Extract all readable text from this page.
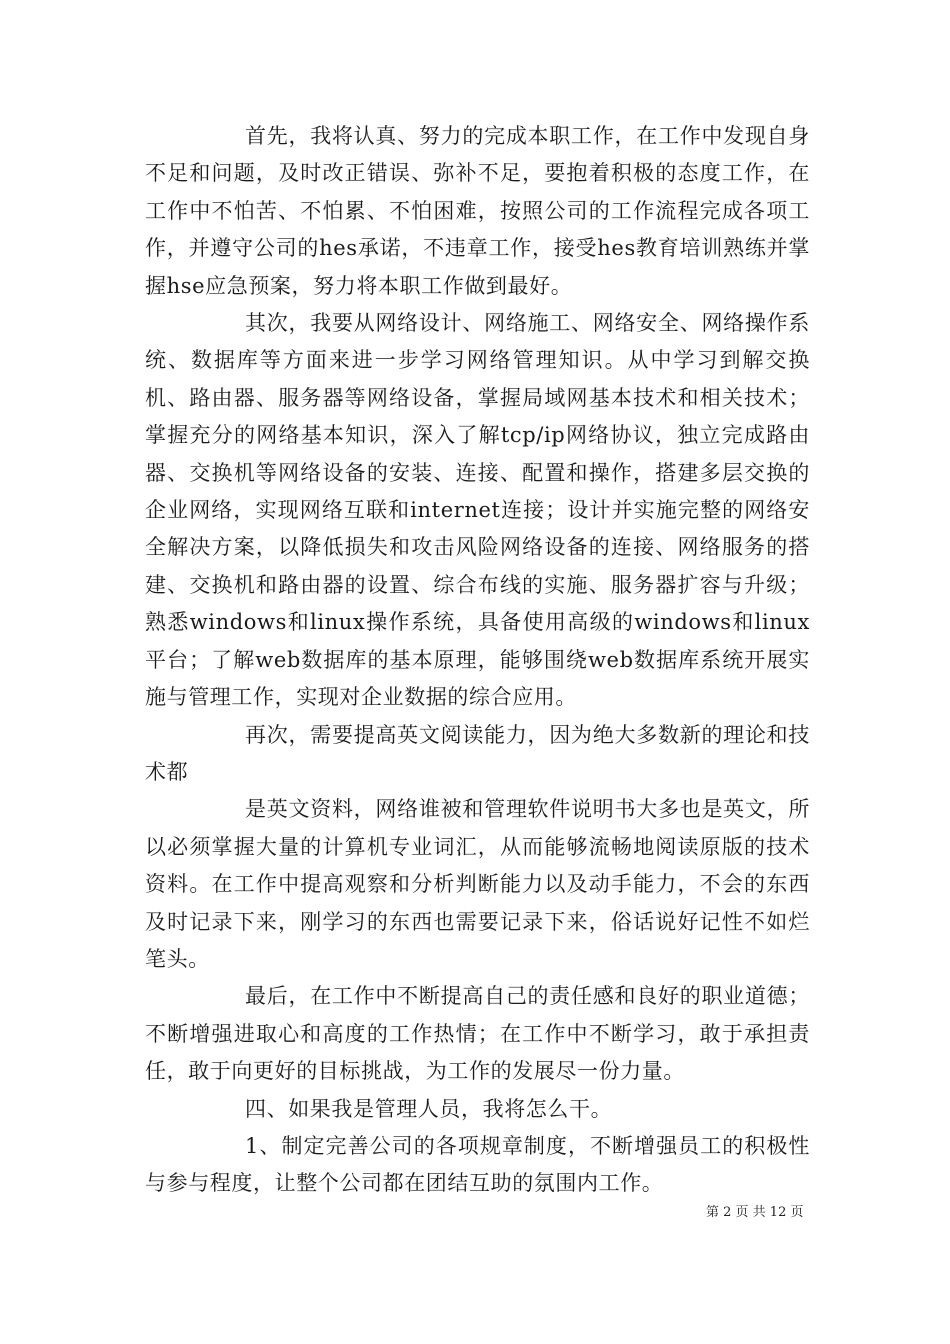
首先，我将认真、努力的完成本职工作，在工作中发现自身不足和问题，及时改正错误、弥补不足，要抱着积极的态度工作，在工作中不怕苦、不怕累、不怕困难，按照公司的工作流程完成各项工作，并遵守公司的hes承诺，不违章工作，接受hes教育培训熟练并掌握hse应急预案，努力将本职工作做到最好。

其次，我要从网络设计、网络施工、网络安全、网络操作系统、数据库等方面来进一步学习网络管理知识。从中学习到解交换机、路由器、服务器等网络设备，掌握局域网基本技术和相关技术；掌握充分的网络基本知识，深入了解tcp/ip网络协议，独立完成路由器、交换机等网络设备的安装、连接、配置和操作，搭建多层交换的企业网络，实现网络互联和internet连接；设计并实施完整的网络安全解决方案，以降低损失和攻击风险网络设备的连接、网络服务的搭建、交换机和路由器的设置、综合布线的实施、服务器扩容与升级；熟悉windows和linux操作系统，具备使用高级的windows和linux平台；了解web数据库的基本原理，能够围绕web数据库系统开展实施与管理工作，实现对企业数据的综合应用。

再次，需要提高英文阅读能力，因为绝大多数新的理论和技术都

是英文资料，网络谁被和管理软件说明书大多也是英文，所以必须掌握大量的计算机专业词汇，从而能够流畅地阅读原版的技术资料。在工作中提高观察和分析判断能力以及动手能力，不会的东西及时记录下来，刚学习的东西也需要记录下来，俗话说好记性不如烂笔头。

最后，在工作中不断提高自己的责任感和良好的职业道德；不断增强进取心和高度的工作热情；在工作中不断学习，敢于承担责任，敢于向更好的目标挑战，为工作的发展尽一份力量。

四、如果我是管理人员，我将怎么干。

1、制定完善公司的各项规章制度，不断增强员工的积极性与参与程度，让整个公司都在团结互助的氛围内工作。

第 2 页 共 12 页
